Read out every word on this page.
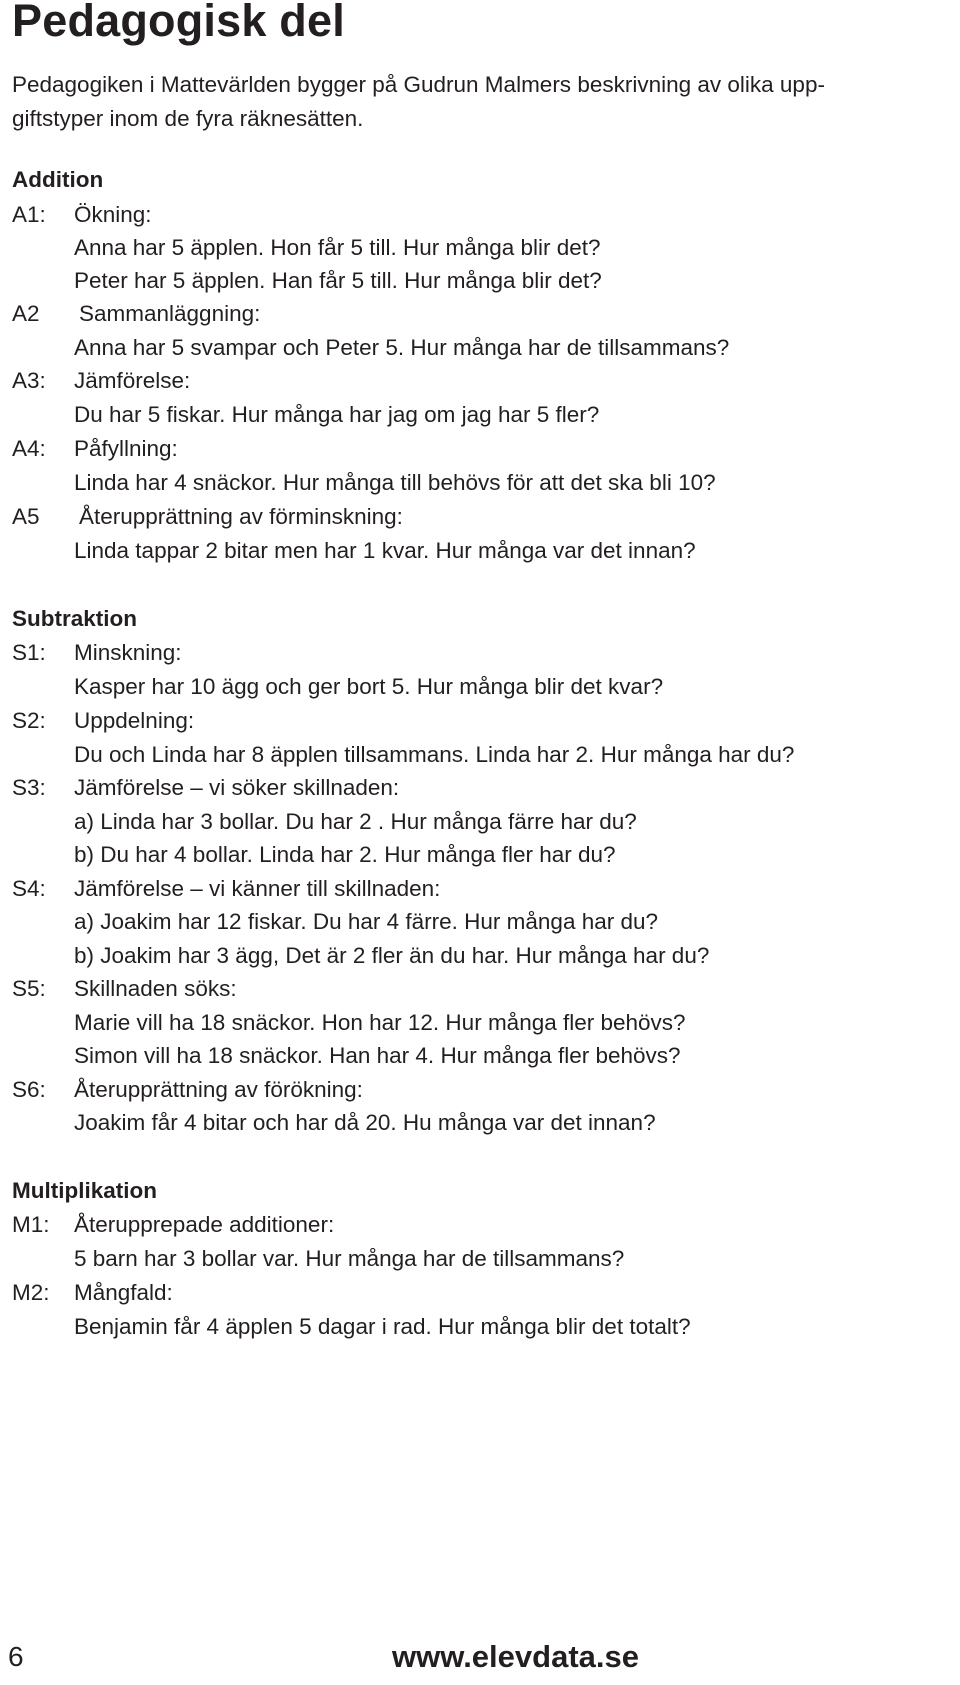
Pedagogisk del
Pedagogiken i Mattevärlden bygger på Gudrun Malmers beskrivning av olika upp-
giftstyper inom de fyra räknesätten.
Addition
A1: Ökning:
Anna har 5 äpplen. Hon får 5 till. Hur många blir det?
Peter har 5 äpplen. Han får 5 till. Hur många blir det?
A2 Sammanläggning:
Anna har 5 svampar och Peter 5. Hur många har de tillsammans?
A3: Jämförelse:
Du har 5 fiskar. Hur många har jag om jag har 5 fler?
A4: Påfyllning:
Linda har 4 snäckor. Hur många till behövs för att det ska bli 10?
A5 Återupprättning av förminskning:
Linda tappar 2 bitar men har 1 kvar. Hur många var det innan?
Subtraktion
S1: Minskning:
Kasper har 10 ägg och ger bort 5. Hur många blir det kvar?
S2: Uppdelning:
Du och Linda har 8 äpplen tillsammans. Linda har 2. Hur många har du?
S3: Jämförelse – vi söker skillnaden:
a) Linda har 3 bollar. Du har 2 . Hur många färre har du?
b) Du har 4 bollar. Linda har 2. Hur många fler har du?
S4: Jämförelse – vi känner till skillnaden:
a) Joakim har 12 fiskar. Du har 4 färre. Hur många har du?
b) Joakim har 3 ägg, Det är 2 fler än du har. Hur många har du?
S5: Skillnaden söks:
Marie vill ha 18 snäckor. Hon har 12. Hur många fler behövs?
Simon vill ha 18 snäckor. Han har 4. Hur många fler behövs?
S6: Återupprättning av förökning:
Joakim får 4 bitar och har då 20. Hu många var det innan?
Multiplikation
M1: Återupprepade additioner:
5 barn har 3 bollar var. Hur många har de tillsammans?
M2: Mångfald:
Benjamin får 4 äpplen 5 dagar i rad. Hur många blir det totalt?
6	www.elevdata.se
